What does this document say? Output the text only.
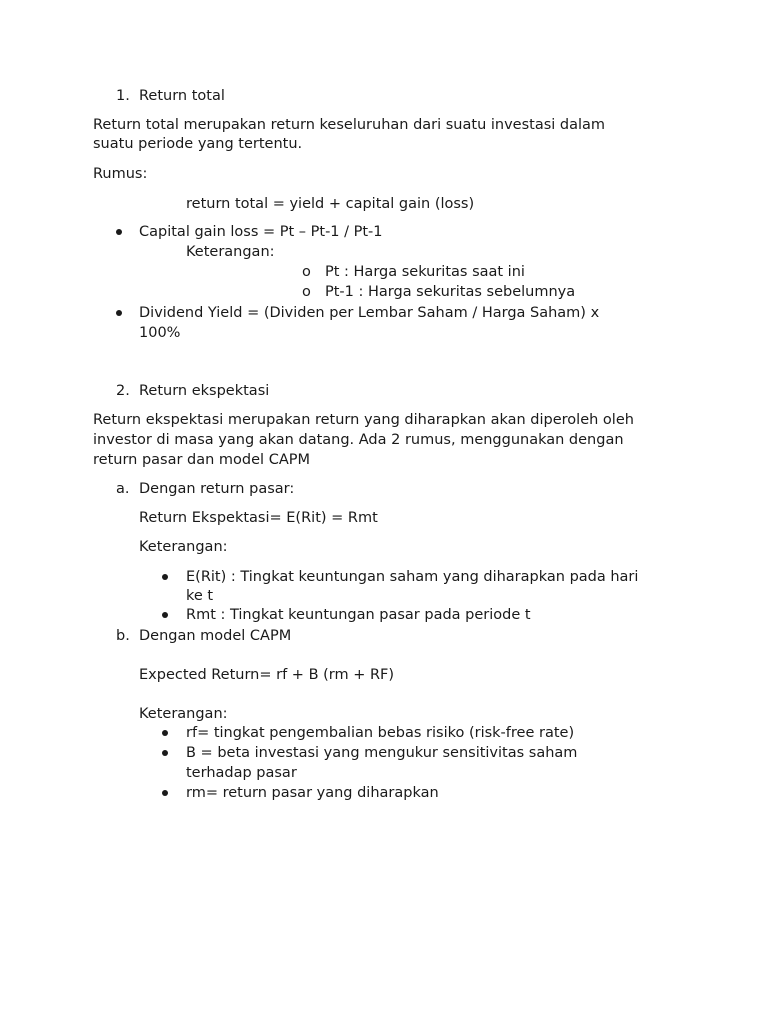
1. Return total
Return total merupakan return keseluruhan dari suatu investasi dalam
suatu periode yang tertentu.
Rumus:
return total = yield + capital gain (loss)
Capital gain loss = Pt – Pt-1 / Pt-1
Keterangan:
o Pt : Harga sekuritas saat ini
o Pt-1 : Harga sekuritas sebelumnya
Dividend Yield = (Dividen per Lembar Saham / Harga Saham) x
100%
2. Return ekspektasi
Return ekspektasi merupakan return yang diharapkan akan diperoleh oleh
investor di masa yang akan datang. Ada 2 rumus, menggunakan dengan
return pasar dan model CAPM
a. Dengan return pasar:
Return Ekspektasi= E(Rit) = Rmt
Keterangan:
E(Rit) : Tingkat keuntungan saham yang diharapkan pada hari
ke t
Rmt : Tingkat keuntungan pasar pada periode t
b. Dengan model CAPM
Expected Return= rf + B (rm + RF)
Keterangan:
rf= tingkat pengembalian bebas risiko (risk-free rate)
B = beta investasi yang mengukur sensitivitas saham
terhadap pasar
rm= return pasar yang diharapkan
